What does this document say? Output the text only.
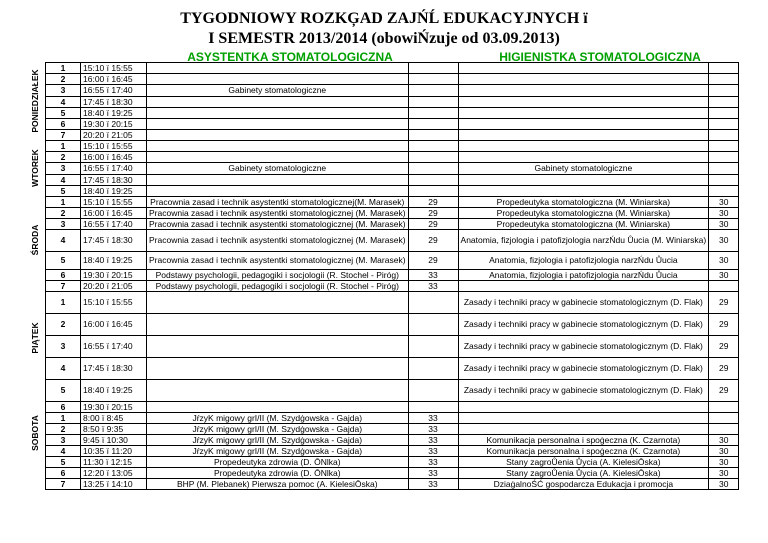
TYGODNIOWY ROZKĢAD ZAJŃĹ EDUKACYJNYCH ï
I SEMESTR 2013/2014 (obowiŃzuje od 03.09.2013)
ASYSTENTKA STOMATOLOGICZNA	HIGIENISTKA STOMATOLOGICZNA
PONIEDZIAŁEK
WTOREK
ŚRODA
PIĄTEK
SOBOTA
1	15:10 ï 15:55				
2	16:00 ï 16:45				
3	16:55 ï 17:40	Gabinety stomatologiczne			
4	17:45 ï 18:30				
5	18:40 ï 19:25				
6	19:30 ï 20:15				
7	20:20 ï 21:05				
1	15:10 ï 15:55				
2	16:00 ï 16:45				
3	16:55 ï 17:40	Gabinety stomatologiczne		Gabinety stomatologiczne	
4	17:45 ï 18:30				
5	18:40 ï 19:25				
1	15:10 ï 15:55	Pracownia zasad i technik asystentki stomatologicznej(M. Marasek)	29	Propedeutyka stomatologiczna (M. Winiarska)	30
2	16:00 ï 16:45	Pracownia zasad i technik asystentki stomatologicznej (M. Marasek)	29	Propedeutyka stomatologiczna (M. Winiarska)	30
3	16:55 ï 17:40	Pracownia zasad i technik asystentki stomatologicznej (M. Marasek)	29	Propedeutyka stomatologiczna (M. Winiarska)	30
4	17:45 ï 18:30	Pracownia zasad i technik asystentki stomatologicznej (M. Marasek)	29	Anatomia, fizjologia i patofizjologia narzŃdu Ůucia (M. Winiarska)	30
5	18:40 ï 19:25	Pracownia zasad i technik asystentki stomatologicznej (M. Marasek)	29	Anatomia, fizjologia i patofizjologia narzŃdu Ůucia	30
6	19:30 ï 20:15	Podstawy psychologii, pedagogiki i socjologii (R. Stochel - Piróg)	33	Anatomia, fizjologia i patofizjologia narzŃdu Ůucia	30
7	20:20 ï 21:05	Podstawy psychologii, pedagogiki i socjologii (R. Stochel - Piróg)	33		
1	15:10 ï 15:55			Zasady i techniki pracy w gabinecie stomatologicznym (D. Flak)	29
2	16:00 ï 16:45			Zasady i techniki pracy w gabinecie stomatologicznym (D. Flak)	29
3	16:55 ï 17:40			Zasady i techniki pracy w gabinecie stomatologicznym (D. Flak)	29
4	17:45 ï 18:30			Zasady i techniki pracy w gabinecie stomatologicznym (D. Flak)	29
5	18:40 ï 19:25			Zasady i techniki pracy w gabinecie stomatologicznym (D. Flak)	29
6	19:30 ï 20:15				
1	8:00 ï 8:45	JŕzyK migowy grI/II (M. Szydġowska - Gajda)	33		
2	8:50 ï 9:35	JŕzyK migowy grI/II (M. Szydġowska - Gajda)	33		
3	9:45 ï 10:30	JŕzyK migowy grI/II (M. Szydġowska - Gajda)	33	Komunikacja personalna i spoġeczna (K. Czarnota)	30
4	10:35 ï 11:20	JŕzyK migowy grI/II (M. Szydġowska - Gajda)	33	Komunikacja personalna i spoġeczna (K. Czarnota)	30
5	11:30 ï 12:15	Propedeutyka zdrowia (D. ŌNlka)	33	Stany zagroŮenia Ůycia (A. KielesiŌska)	30
6	12:20 ï 13:05	Propedeutyka zdrowia (D. ŌNlka)	33	Stany zagroŮenia Ůycia (A. KielesiŌska)	30
7	13:25 ï 14:10	BHP (M. Plebanek) Pierwsza pomoc (A. KielesiŌska)	33	DziaġalnoŚĆ gospodarcza Edukacja i promocja	30
